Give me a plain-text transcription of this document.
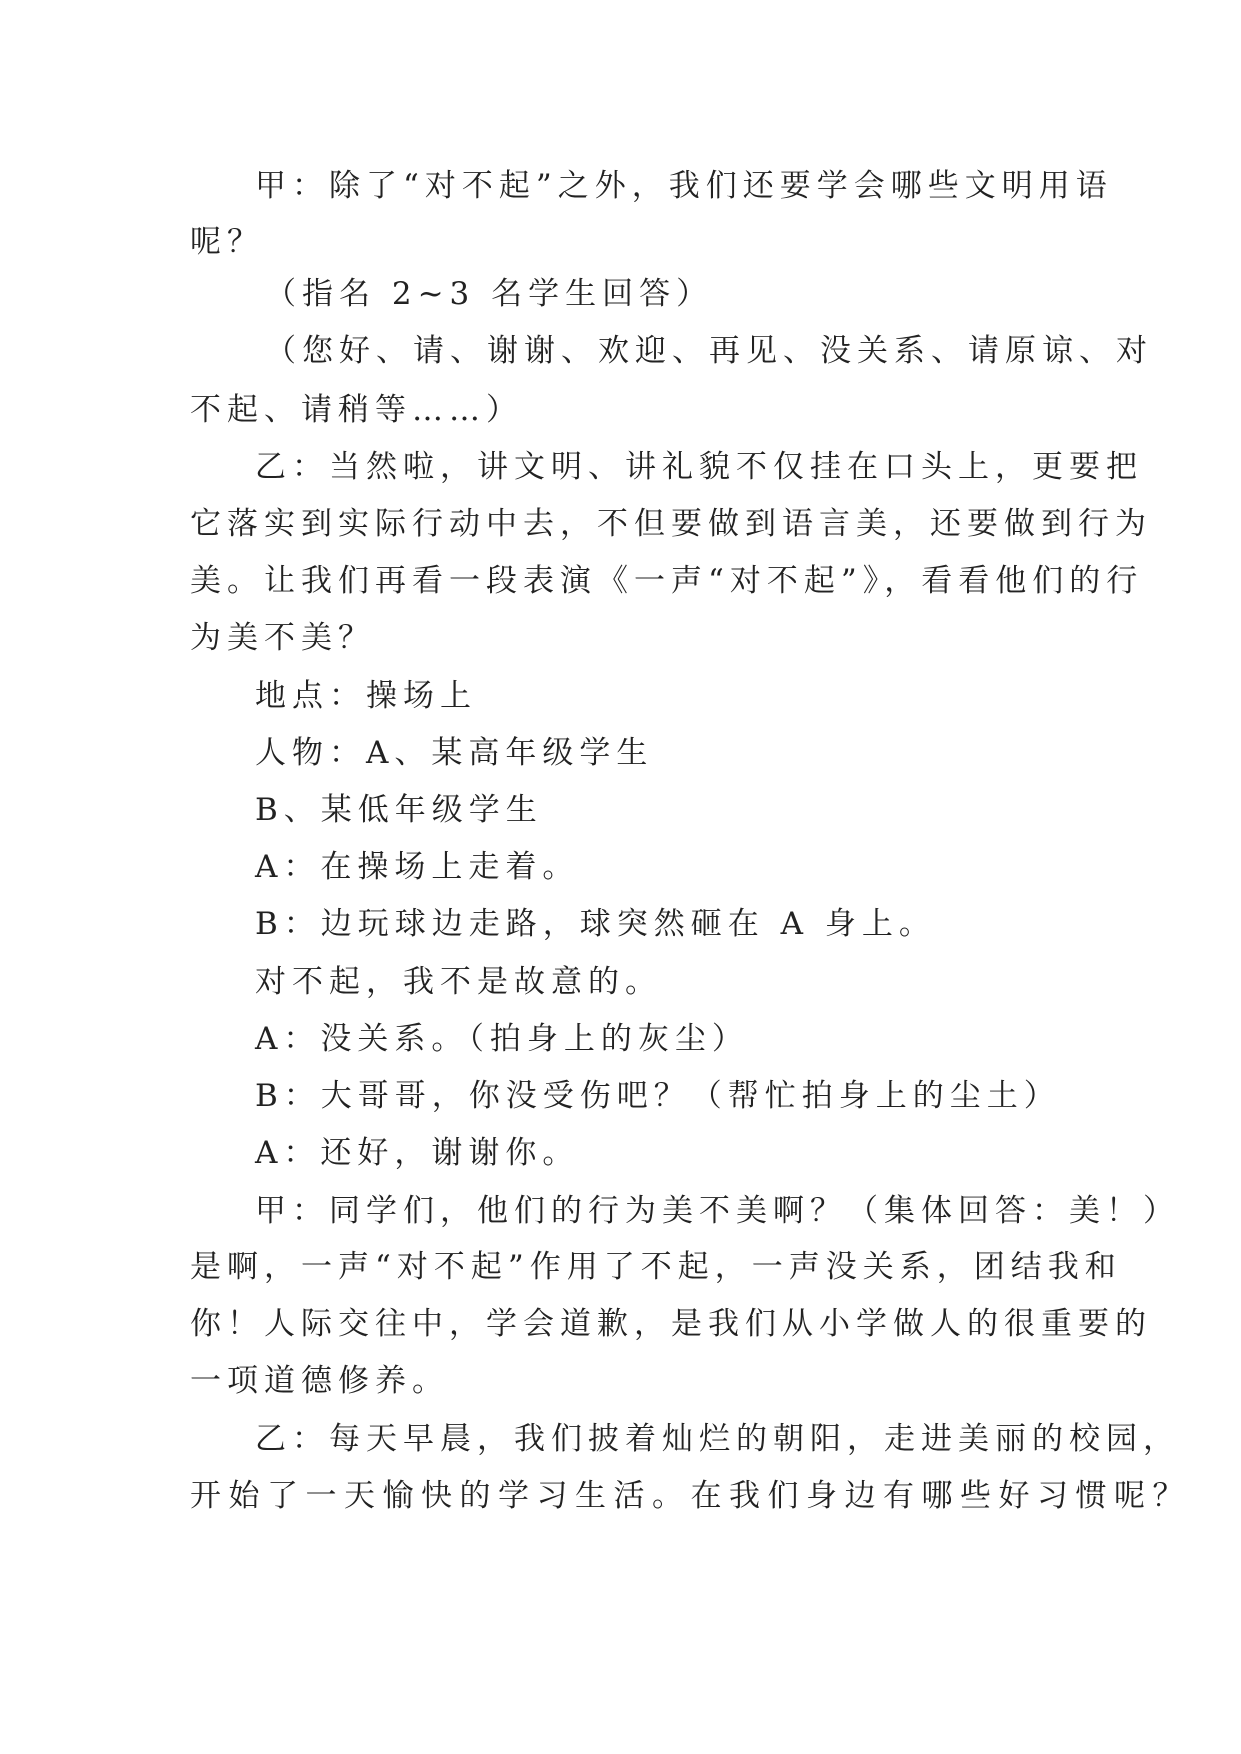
甲：除了“对不起”之外，我们还要学会哪些文明用语
呢？
（指名 2~3 名学生回答）
（您好、请、谢谢、欢迎、再见、没关系、请原谅、对
不起、请稍等……）
乙：当然啦，讲文明、讲礼貌不仅挂在口头上，更要把
它落实到实际行动中去，不但要做到语言美，还要做到行为
美。让我们再看一段表演《一声“对不起”》，看看他们的行
为美不美？
地点：操场上
人物：A、某高年级学生
B、某低年级学生
A：在操场上走着。
B：边玩球边走路，球突然砸在 A 身上。
对不起，我不是故意的。
A：没关系。（拍身上的灰尘）
B：大哥哥，你没受伤吧？（帮忙拍身上的尘土）
A：还好，谢谢你。
甲：同学们，他们的行为美不美啊？（集体回答：美！）
是啊，一声“对不起”作用了不起，一声没关系，团结我和
你！人际交往中，学会道歉，是我们从小学做人的很重要的
一项道德修养。
乙：每天早晨，我们披着灿烂的朝阳，走进美丽的校园，
开始了一天愉快的学习生活。在我们身边有哪些好习惯呢？
